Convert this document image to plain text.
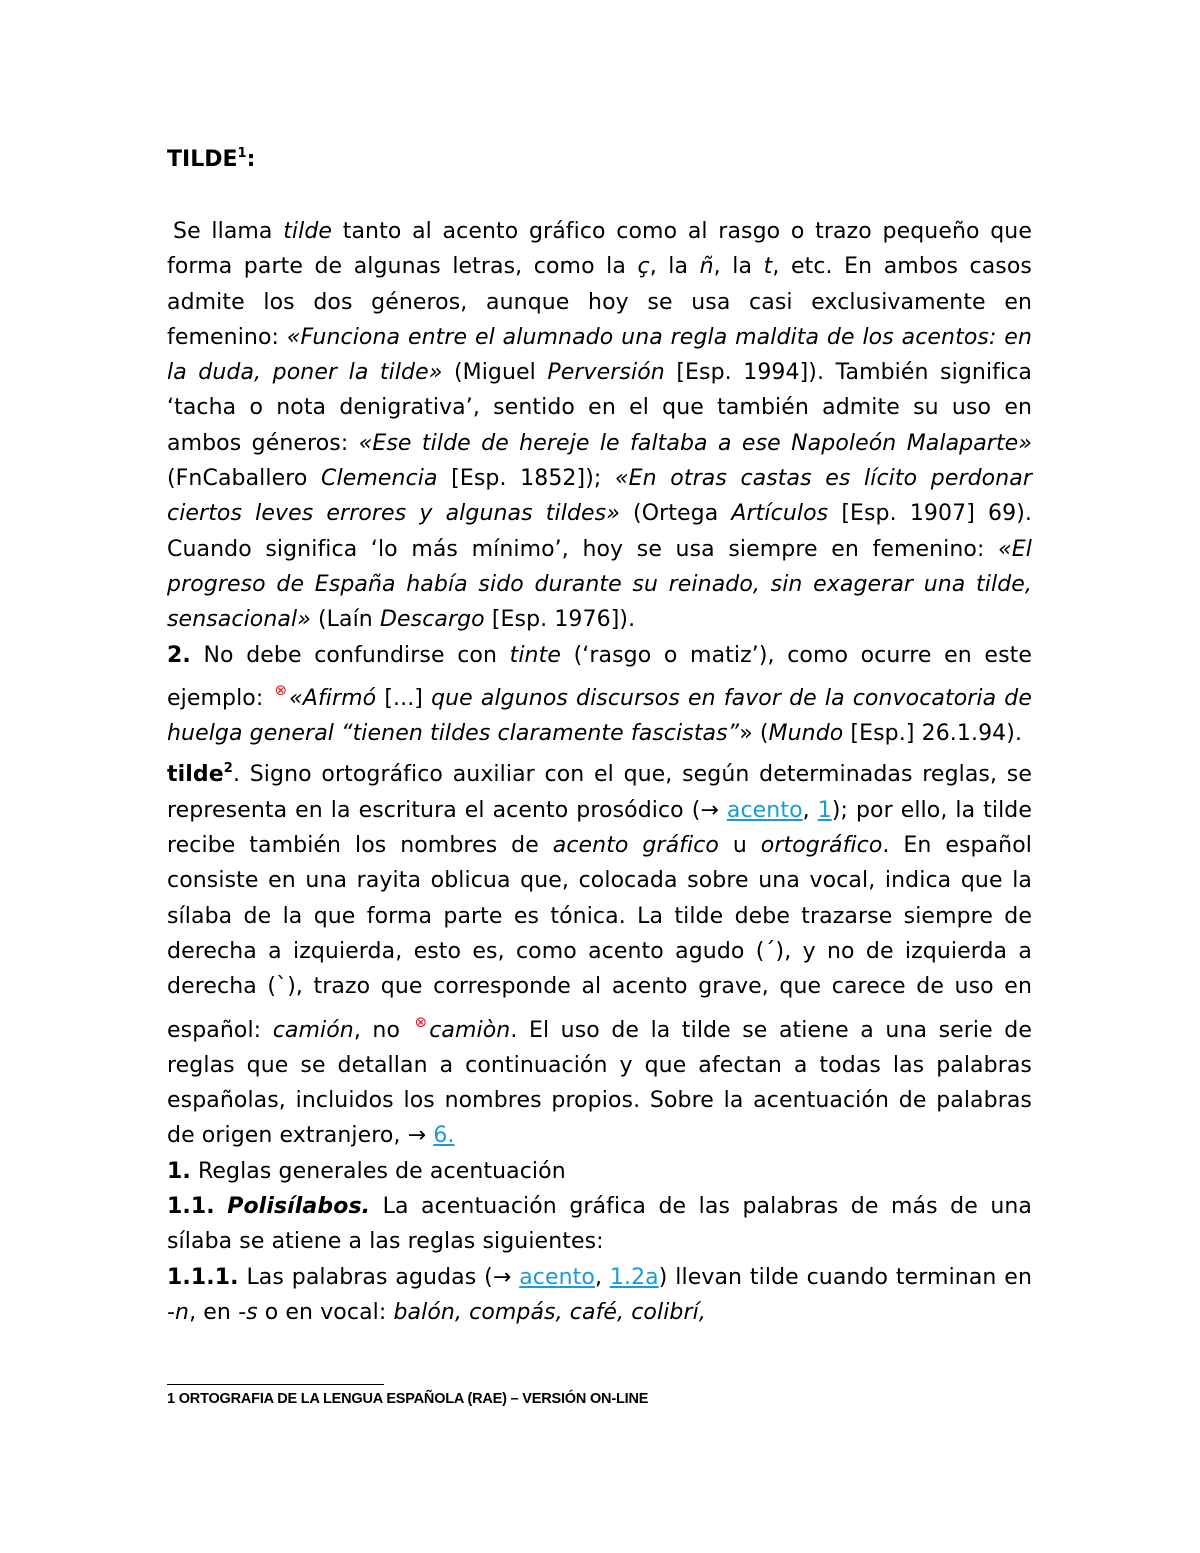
TILDE$^1$:

Se llama tilde tanto al acento gráfico como al rasgo o trazo pequeño que forma parte de algunas letras, como la ç, la ñ, la t, etc. En ambos casos admite los dos géneros, aunque hoy se usa casi exclusivamente en femenino: «Funciona entre el alumnado una regla maldita de los acentos: en la duda, poner la tilde» (Miguel Perversión [Esp. 1994]). También significa ‘tacha o nota denigrativa’, sentido en el que también admite su uso en ambos géneros: «Ese tilde de hereje le faltaba a ese Napoleón Malaparte» (FnCaballero Clemencia [Esp. 1852]); «En otras castas es lícito perdonar ciertos leves errores y algunas tildes» (Ortega Artículos [Esp. 1907] 69). Cuando significa ‘lo más mínimo’, hoy se usa siempre en femenino: «El progreso de España había sido durante su reinado, sin exagerar una tilde, sensacional» (Laín Descargo [Esp. 1976]).

2. No debe confundirse con tinte (‘rasgo o matiz’), como ocurre en este ejemplo: ⊗«Afirmó [...] que algunos discursos en favor de la convocatoria de huelga general “tienen tildes claramente fascistas”» (Mundo [Esp.] 26.1.94).

tilde$^2$. Signo ortográfico auxiliar con el que, según determinadas reglas, se representa en la escritura el acento prosódico (→ acento, 1); por ello, la tilde recibe también los nombres de acento gráfico u ortográfico. En español consiste en una rayita oblicua que, colocada sobre una vocal, indica que la sílaba de la que forma parte es tónica. La tilde debe trazarse siempre de derecha a izquierda, esto es, como acento agudo (´), y no de izquierda a derecha (`), trazo que corresponde al acento grave, que carece de uso en español: camión, no ⊗camiòn. El uso de la tilde se atiene a una serie de reglas que se detallan a continuación y que afectan a todas las palabras españolas, incluidos los nombres propios. Sobre la acentuación de palabras de origen extranjero, → 6.

1. Reglas generales de acentuación

1.1. Polisílabos. La acentuación gráfica de las palabras de más de una sílaba se atiene a las reglas siguientes:

1.1.1. Las palabras agudas (→ acento, 1.2a) llevan tilde cuando terminan en -n, en -s o en vocal: balón, compás, café, colibrí,

1 ORTOGRAFIA DE LA LENGUA ESPAÑOLA (RAE) – VERSIÓN ON-LINE
